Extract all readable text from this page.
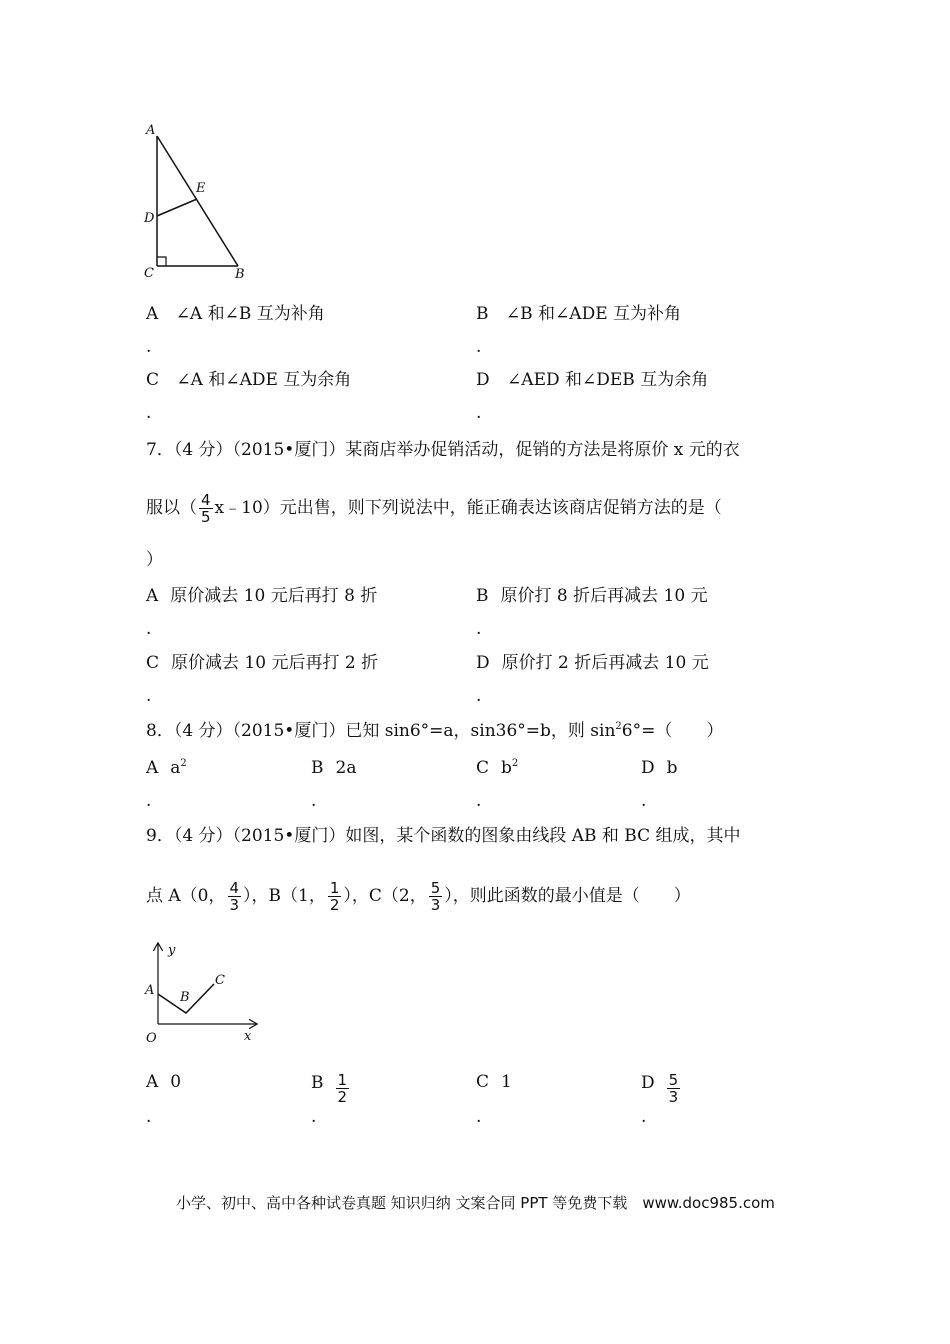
A
E
D
C	B
A ∠A 和∠B 互为补角
.
B ∠B 和∠ADE 互为补角
.
C ∠A 和∠ADE 互为余角
.
D ∠AED 和∠DEB 互为余角
.
7．（4 分）（2015•厦门）某商店举办促销活动，促销的方法是将原价 x 元的衣
服以（ $\frac{4}{5}$ x﹣10）元出售，则下列说法中，能正确表达该商店促销方法的是（
）
A 原价减去 10 元后再打 8 折
.
B 原价打 8 折后再减去 10 元
.
C 原价减去 10 元后再打 2 折
.
D 原价打 2 折后再减去 10 元
.
8．（4 分）（2015•厦门）已知 sin6°=a，sin36°=b，则 $\sin^26^\circ=$（　　）
A $a^2$
.
B 2a
.
C $b^2$
.
D b
.
9．（4 分）（2015•厦门）如图，某个函数的图象由线段 AB 和 BC 组成，其中
点 A（0， $\frac{4}{3}$ ），B（1， $\frac{1}{2}$ ），C（2， $\frac{5}{3}$ ），则此函数的最小值是（　　）
y
x
O
A B
C
A 0
.
B $\frac{1}{2}$
.
C 1
.
D $\frac{5}{3}$
.
小学、初中、高中各种试卷真题 知识归纳 文案合同 PPT 等免费下载　www.doc985.com
